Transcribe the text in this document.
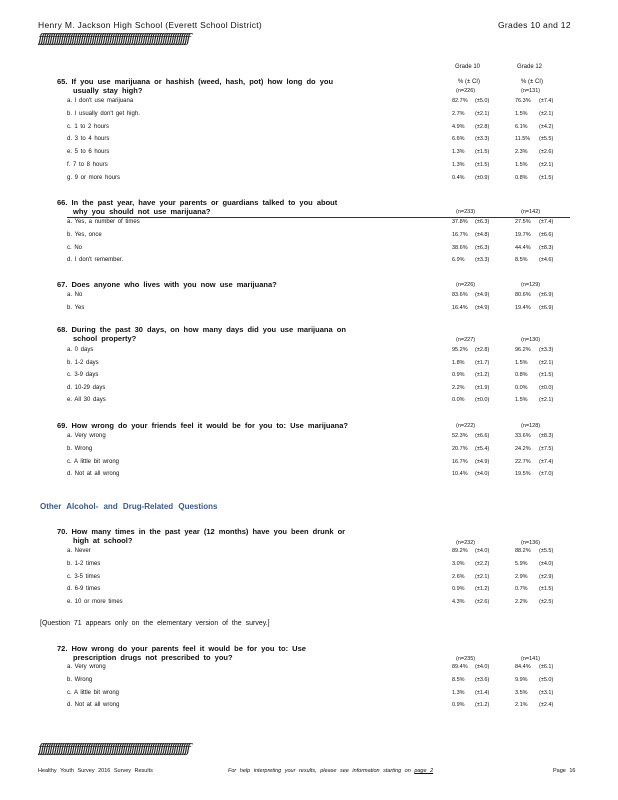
Henry M. Jackson High School (Everett School District)	Grades 10 and 12
ƒƒƒƒƒƒƒƒƒƒƒƒƒƒƒƒƒƒƒƒƒƒƒƒƒƒƒƒƒƒƒƒƒƒƒƒƒƒƒƒƒƒƒƒƒƒƒƒƒƒƒƒƒƒƒƒƒƒƒƒƒƒƒƒƒƒƒƒ
Grade 10	Grade 12
% (± CI)	% (± CI)
65. If you use marijuana or hashish (weed, hash, pot) how long do you
usually stay high?	(n=226)	(n=131)
a. I don't use marijuana	82.7% (±5.0)	76.3% (±7.4)
b. I usually don't get high.	2.7% (±2.1)	1.5% (±2.1)
c. 1 to 2 hours	4.9% (±2.8)	6.1% (±4.2)
d. 3 to 4 hours	6.6% (±3.3)	11.5% (±5.5)
e. 5 to 6 hours	1.3% (±1.5)	2.3% (±2.6)
f. 7 to 8 hours	1.3% (±1.5)	1.5% (±2.1)
g. 9 or more hours	0.4% (±0.9)	0.8% (±1.5)
66. In the past year, have your parents or guardians talked to you about
why you should not use marijuana?	(n=233)	(n=142)
a. Yes, a number of times	37.8% (±6.3)	27.5% (±7.4)
b. Yes, once	16.7% (±4.8)	19.7% (±6.6)
c. No	38.6% (±6.3)	44.4% (±8.3)
d. I don't remember.	6.9% (±3.3)	8.5% (±4.6)
67. Does anyone who lives with you now use marijuana?	(n=226)	(n=129)
a. No	83.6% (±4.9)	80.6% (±6.9)
b. Yes	16.4% (±4.9)	19.4% (±6.9)
68. During the past 30 days, on how many days did you use marijuana on
school property?	(n=227)	(n=130)
a. 0 days	95.2% (±2.8)	96.2% (±3.3)
b. 1-2 days	1.8% (±1.7)	1.5% (±2.1)
c. 3-9 days	0.9% (±1.2)	0.8% (±1.5)
d. 10-29 days	2.2% (±1.9)	0.0% (±0.0)
e. All 30 days	0.0% (±0.0)	1.5% (±2.1)
69. How wrong do your friends feel it would be for you to: Use marijuana?	(n=222)	(n=128)
a. Very wrong	52.3% (±6.6)	33.6% (±8.3)
b. Wrong	20.7% (±5.4)	24.2% (±7.5)
c. A little bit wrong	16.7% (±4.9)	22.7% (±7.4)
d. Not at all wrong	10.4% (±4.0)	19.5% (±7.0)
70. How many times in the past year (12 months) have you been drunk or
high at school?	(n=232)	(n=136)
a. Never	89.2% (±4.0)	88.2% (±5.5)
b. 1-2 times	3.0% (±2.2)	5.9% (±4.0)
c. 3-5 times	2.6% (±2.1)	2.9% (±2.9)
d. 6-9 times	0.9% (±1.2)	0.7% (±1.5)
e. 10 or more times	4.3% (±2.6)	2.2% (±2.5)
72. How wrong do your parents feel it would be for you to: Use
prescription drugs not prescribed to you?	(n=235)	(n=141)
a. Very wrong	89.4% (±4.0)	84.4% (±6.1)
b. Wrong	8.5% (±3.6)	9.9% (±5.0)
c. A little bit wrong	1.3% (±1.4)	3.5% (±3.1)
d. Not at all wrong	0.9% (±1.2)	2.1% (±2.4)
Other Alcohol- and Drug-Related Questions
[Question 71 appears only on the elementary version of the survey.]
ƒƒƒƒƒƒƒƒƒƒƒƒƒƒƒƒƒƒƒƒƒƒƒƒƒƒƒƒƒƒƒƒƒƒƒƒƒƒƒƒƒƒƒƒƒƒƒƒƒƒƒƒƒƒƒƒƒƒƒƒƒƒƒƒƒƒƒƒ
Healthy Youth Survey 2016 Survey Results	For help interpreting your results, please see information starting on page 2	Page 16
